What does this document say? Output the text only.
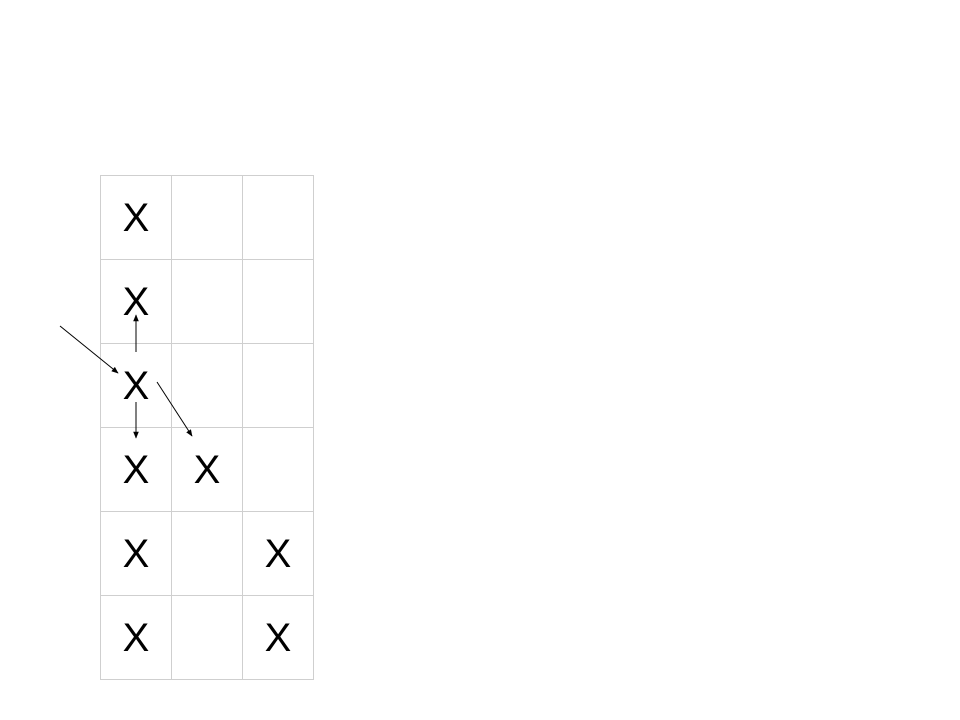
X		
X		
X		
X	X	
X		X
X		X
